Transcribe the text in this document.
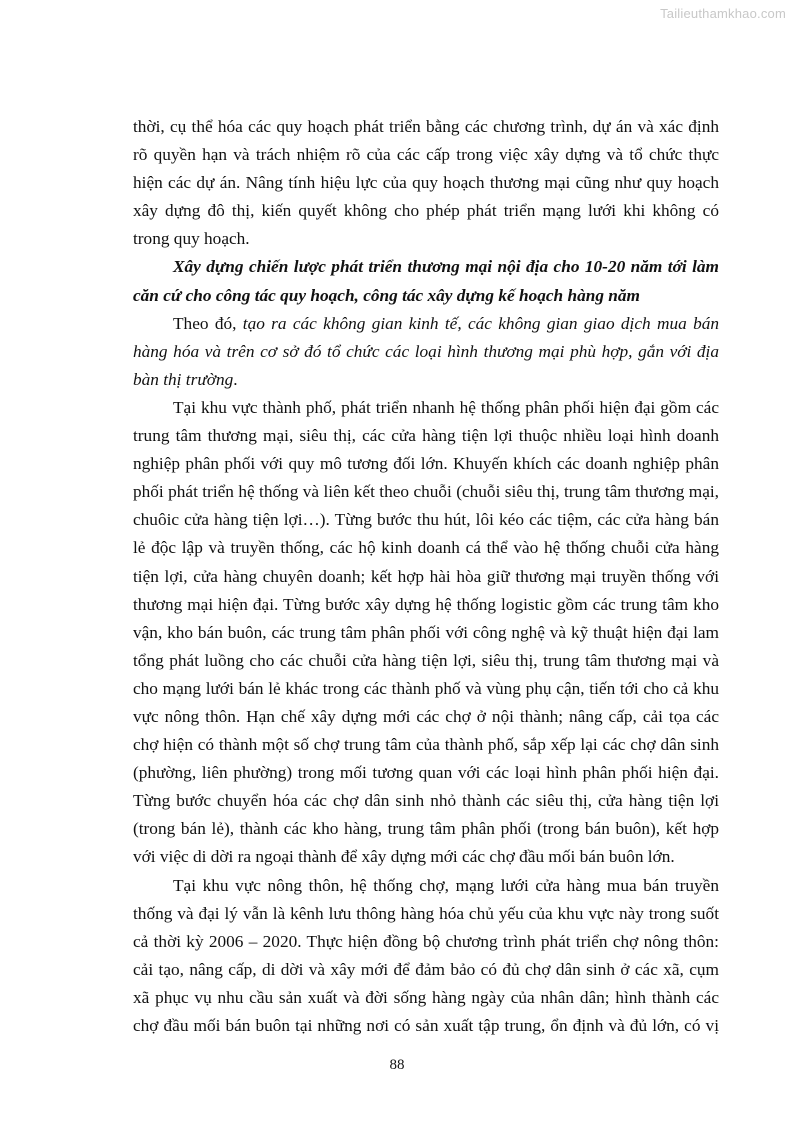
Tailieuthamkhao.com
thời, cụ thể hóa các quy hoạch phát triển bằng các chương trình, dự án và xác định
rõ quyền hạn và trách nhiệm rõ của các cấp trong việc xây dựng và tổ chức thực
hiện các dự án. Nâng tính hiệu lực của quy hoạch thương mại cũng như quy hoạch
xây dựng đô thị, kiến quyết không cho phép phát triển mạng lưới khi không có
trong quy hoạch.
Xây dựng chiến lược phát triển thương mại nội địa cho 10-20 năm tới làm
căn cứ cho công tác quy hoạch, công tác xây dựng kế hoạch hàng năm
Theo đó, tạo ra các không gian kinh tế, các không gian giao dịch mua bán
hàng hóa và trên cơ sở đó tổ chức các loại hình thương mại phù hợp, gắn với địa
bàn thị trường.
Tại khu vực thành phố, phát triển nhanh hệ thống phân phối hiện đại gồm các
trung tâm thương mại, siêu thị, các cửa hàng tiện lợi thuộc nhiều loại hình doanh
nghiệp phân phối với quy mô tương đối lớn. Khuyến khích các doanh nghiệp phân
phối phát triển hệ thống và liên kết theo chuỗi (chuỗi siêu thị, trung tâm thương mại,
chuôic cửa hàng tiện lợi…). Từng bước thu hút, lôi kéo các tiệm, các cửa hàng bán
lẻ độc lập và truyền thống, các hộ kinh doanh cá thể vào hệ thống chuỗi cửa hàng
tiện lợi, cửa hàng chuyên doanh; kết hợp hài hòa giữ thương mại truyền thống với
thương mại hiện đại. Từng bước xây dựng hệ thống logistic gồm các trung tâm kho
vận, kho bán buôn, các trung tâm phân phối với công nghệ và kỹ thuật hiện đại lam
tổng phát luồng cho các chuỗi cửa hàng tiện lợi, siêu thị, trung tâm thương mại và
cho mạng lưới bán lẻ khác trong các thành phố và vùng phụ cận, tiến tới cho cả khu
vực nông thôn. Hạn chế xây dựng mới các chợ ở nội thành; nâng cấp, cải tọa các
chợ hiện có thành một số chợ trung tâm của thành phố, sắp xếp lại các chợ dân sinh
(phường, liên phường) trong mối tương quan với các loại hình phân phối hiện đại.
Từng bước chuyển hóa các chợ dân sinh nhỏ thành các siêu thị, cửa hàng tiện lợi
(trong bán lẻ), thành các kho hàng, trung tâm phân phối (trong bán buôn), kết hợp
với việc di dời ra ngoại thành để xây dựng mới các chợ đầu mối bán buôn lớn.
Tại khu vực nông thôn, hệ thống chợ, mạng lưới cửa hàng mua bán truyền
thống và đại lý vẫn là kênh lưu thông hàng hóa chủ yếu của khu vực này trong suốt
cả thời kỳ 2006 – 2020. Thực hiện đồng bộ chương trình phát triển chợ nông thôn:
cải tạo, nâng cấp, di dời và xây mới để đảm bảo có đủ chợ dân sinh ở các xã, cụm
xã phục vụ nhu cầu sản xuất và đời sống hàng ngày của nhân dân; hình thành các
chợ đầu mối bán buôn tại những nơi có sản xuất tập trung, ổn định và đủ lớn, có vị
88
